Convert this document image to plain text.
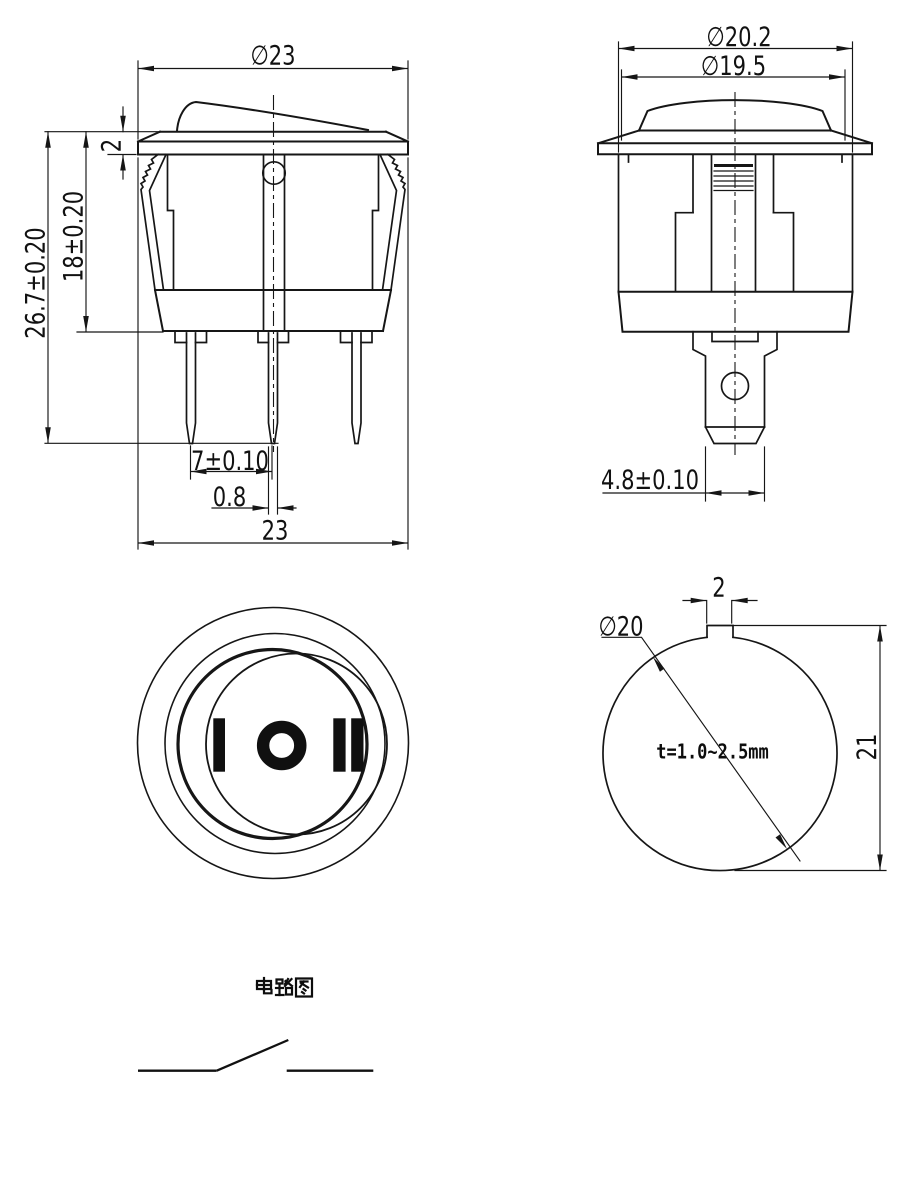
∅23
2
18±0.20
26.7±0.20
7±0.10
0.8
23
∅20.2
∅19.5
4.8±0.10
2
∅20
21
t=1.0~2.5mm
